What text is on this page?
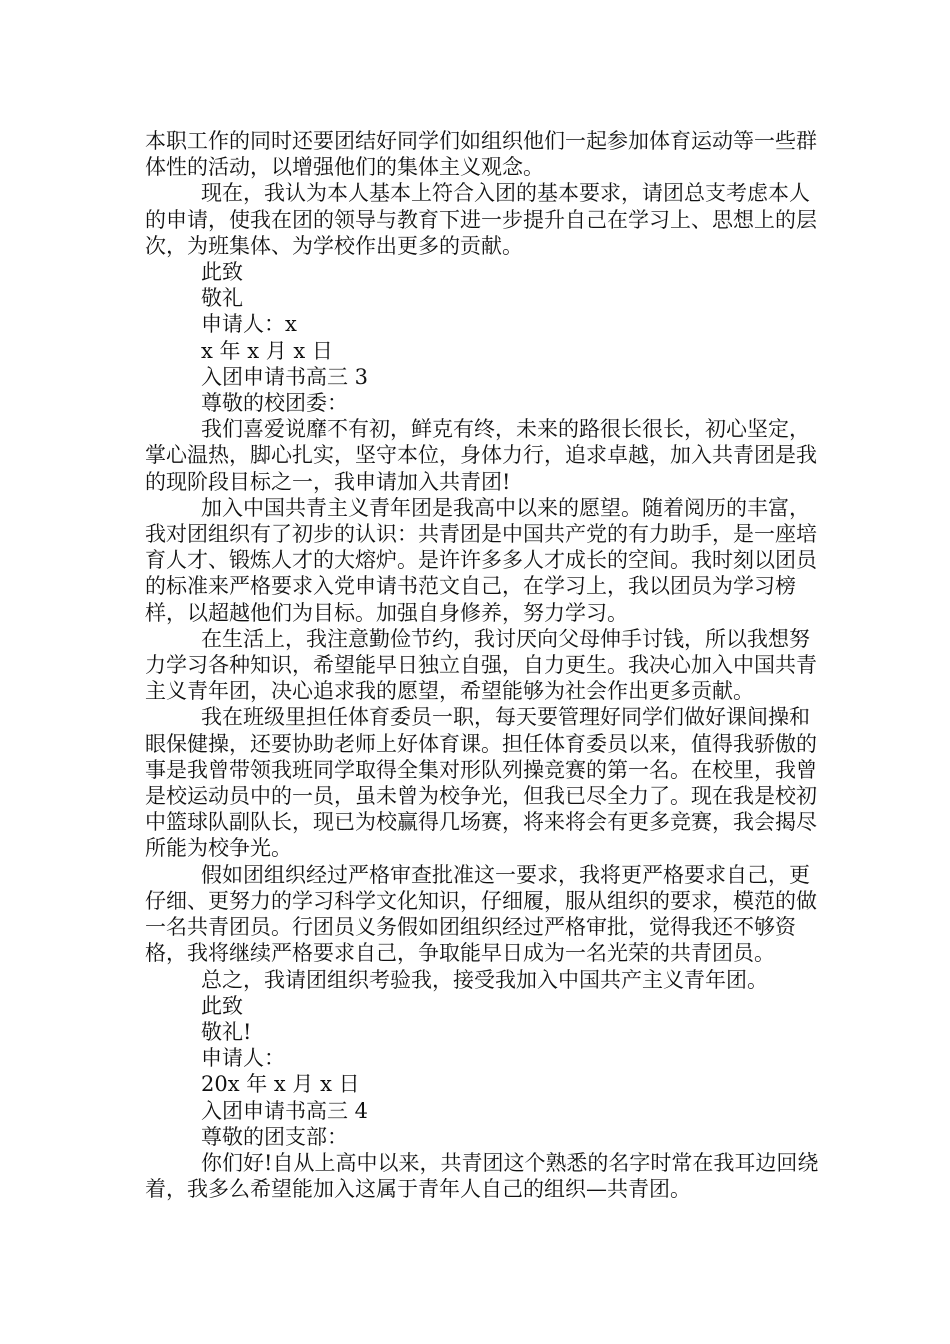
本职工作的同时还要团结好同学们如组织他们一起参加体育运动等一些群体性的活动，以增强他们的集体主义观念。

现在，我认为本人基本上符合入团的基本要求，请团总支考虑本人的申请，使我在团的领导与教育下进一步提升自己在学习上、思想上的层次，为班集体、为学校作出更多的贡献。

此致

敬礼

申请人：x

x 年 x 月 x 日

入团申请书高三 3

尊敬的校团委：

我们喜爱说靡不有初，鲜克有终，未来的路很长很长，初心坚定，掌心温热，脚心扎实，坚守本位，身体力行，追求卓越，加入共青团是我的现阶段目标之一，我申请加入共青团!

加入中国共青主义青年团是我高中以来的愿望。随着阅历的丰富，我对团组织有了初步的认识：共青团是中国共产党的有力助手，是一座培育人才、锻炼人才的大熔炉。是许许多多人才成长的空间。我时刻以团员的标准来严格要求入党申请书范文自己，在学习上，我以团员为学习榜样，以超越他们为目标。加强自身修养，努力学习。

在生活上，我注意勤俭节约，我讨厌向父母伸手讨钱，所以我想努力学习各种知识，希望能早日独立自强，自力更生。我决心加入中国共青主义青年团，决心追求我的愿望，希望能够为社会作出更多贡献。

我在班级里担任体育委员一职，每天要管理好同学们做好课间操和眼保健操，还要协助老师上好体育课。担任体育委员以来，值得我骄傲的事是我曾带领我班同学取得全集对形队列操竞赛的第一名。在校里，我曾是校运动员中的一员，虽未曾为校争光，但我已尽全力了。现在我是校初中篮球队副队长，现已为校赢得几场赛，将来将会有更多竞赛，我会揭尽所能为校争光。

假如团组织经过严格审查批准这一要求，我将更严格要求自己，更仔细、更努力的学习科学文化知识，仔细履，服从组织的要求，模范的做一名共青团员。行团员义务假如团组织经过严格审批，觉得我还不够资格，我将继续严格要求自己，争取能早日成为一名光荣的共青团员。

总之，我请团组织考验我，接受我加入中国共产主义青年团。

此致

敬礼!

申请人：

20x 年 x 月 x 日

入团申请书高三 4

尊敬的团支部：

你们好!自从上高中以来，共青团这个熟悉的名字时常在我耳边回绕着，我多么希望能加入这属于青年人自己的组织—共青团。
